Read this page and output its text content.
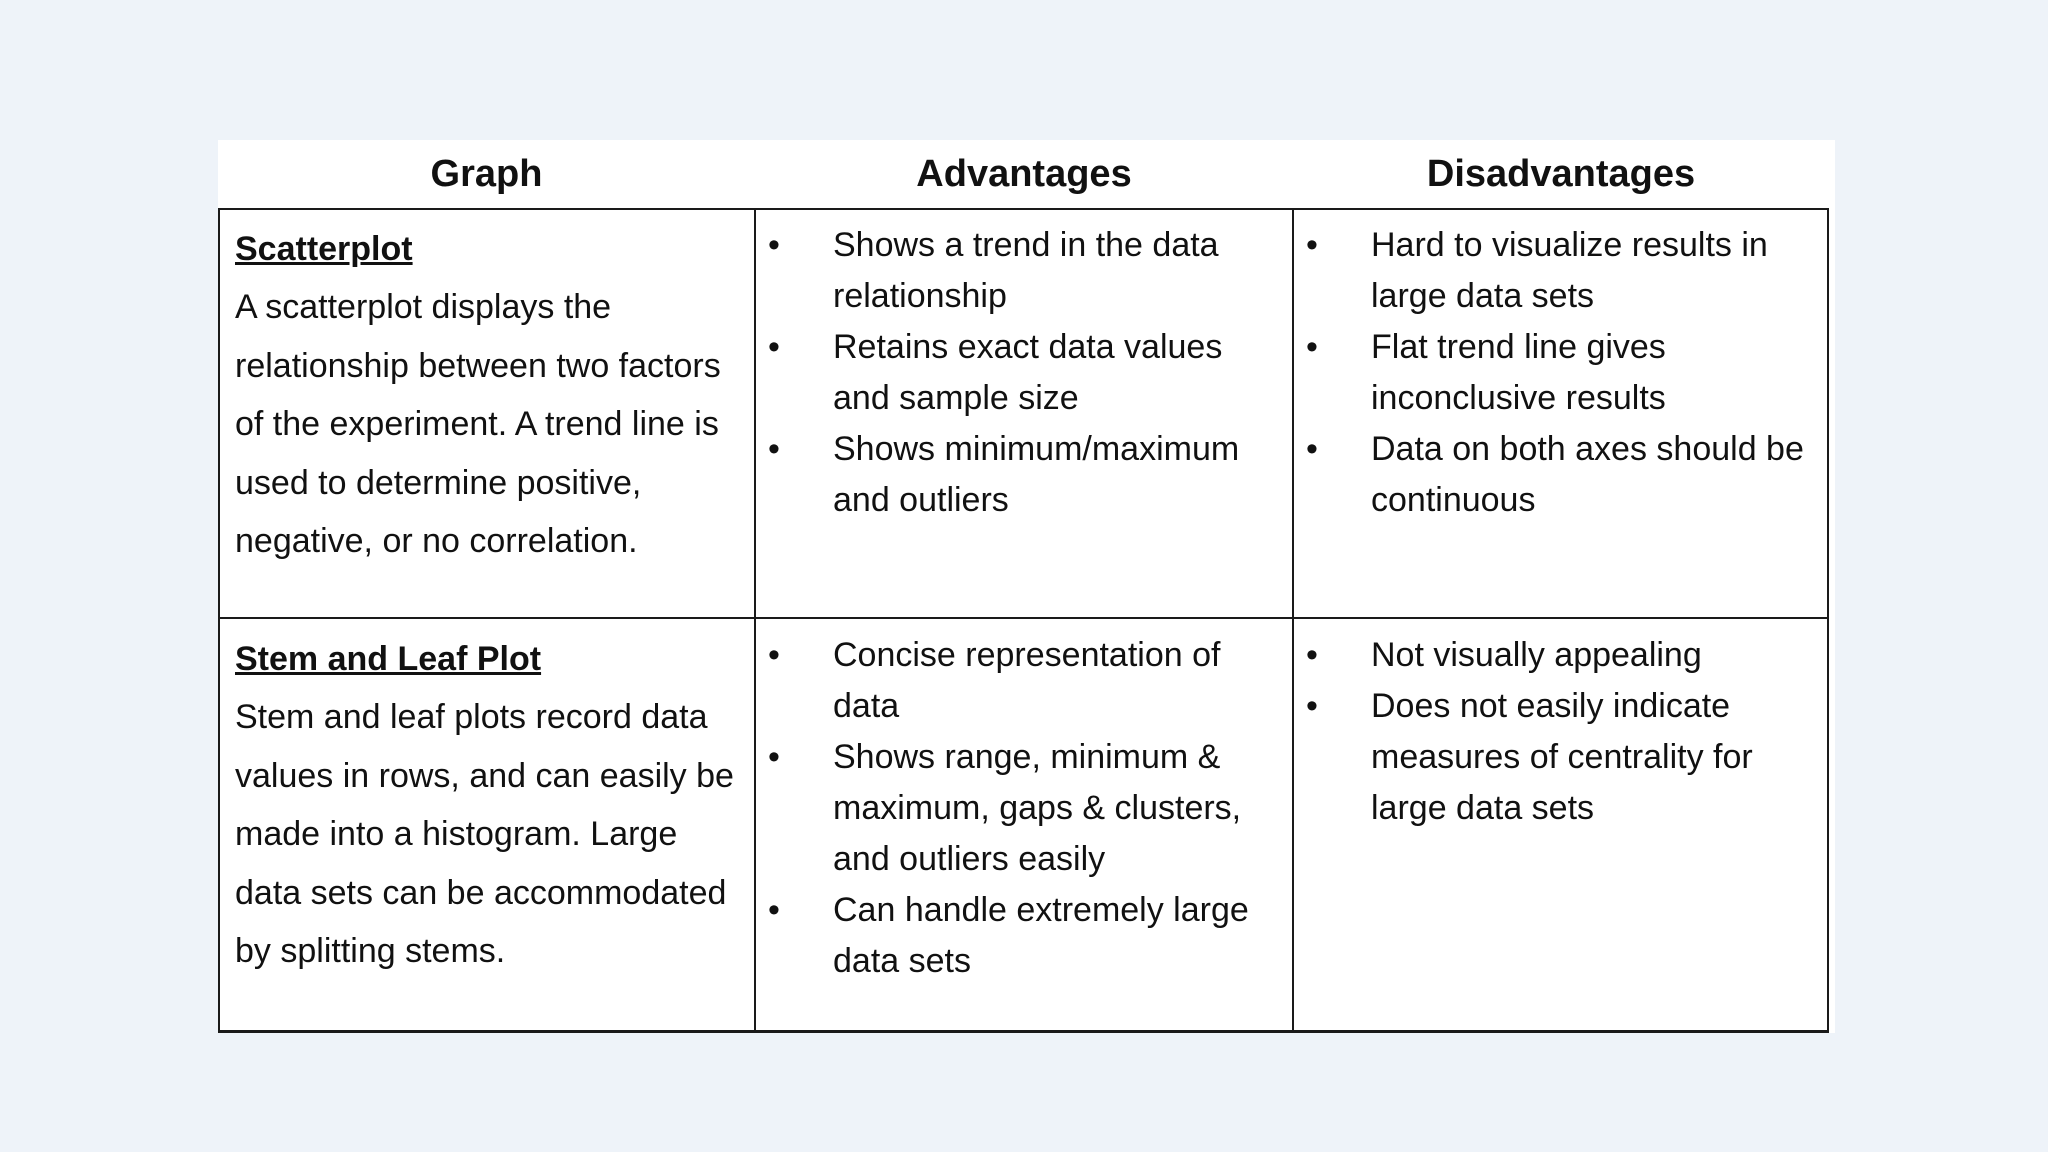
Graph	Advantages	Disadvantages
Scatterplot
A scatterplot displays the relationship between two factors of the experiment. A trend line is used to determine positive, negative, or no correlation.
• Shows a trend in the data relationship
• Retains exact data values and sample size
• Shows minimum/maximum and outliers
• Hard to visualize results in large data sets
• Flat trend line gives inconclusive results
• Data on both axes should be continuous
Stem and Leaf Plot
Stem and leaf plots record data values in rows, and can easily be made into a histogram. Large data sets can be accommodated by splitting stems.
• Concise representation of data
• Shows range, minimum & maximum, gaps & clusters, and outliers easily
• Can handle extremely large data sets
• Not visually appealing
• Does not easily indicate measures of centrality for large data sets
